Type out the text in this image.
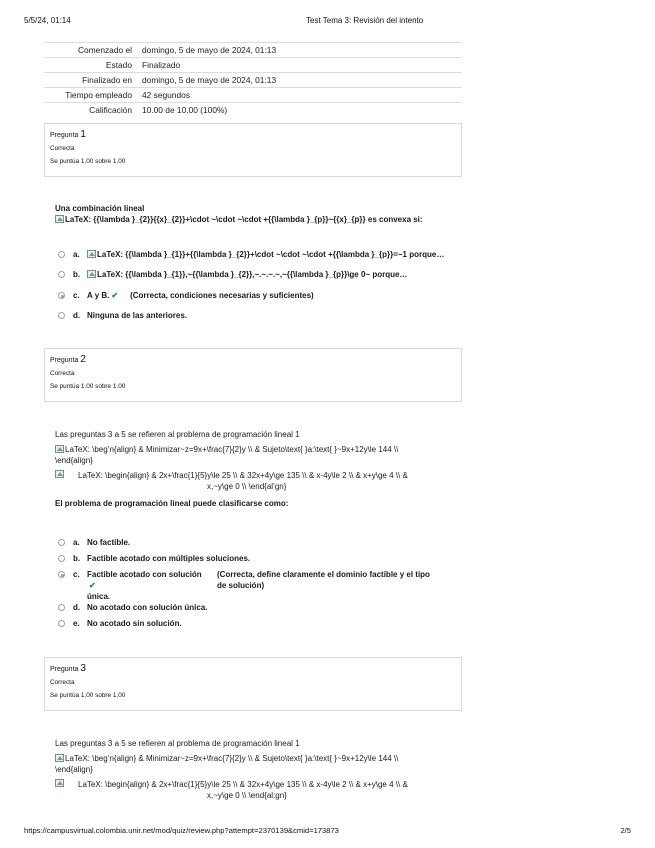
5/5/24, 01:14	Test Tema 3: Revisión del intento
Comenzado el	domingo, 5 de mayo de 2024, 01:13
Estado	Finalizado
Finalizado en	domingo, 5 de mayo de 2024, 01:13
Tiempo empleado	42 segundos
Calificación	10.00 de 10.00 (100%)
Pregunta 1
Correcta
Se puntúa 1.00 sobre 1.00
Una combinación lineal
LaTeX: {{\lambda }_{2}}{{x}_{2}}+\cdot ~\cdot ~\cdot +{{\lambda }_{p}}~{{x}_{p}} es convexa si:
a.	LaTeX: {{\lambda }_{1}}+{{\lambda }_{2}}+\cdot ~\cdot ~\cdot +{{\lambda }_{p}}=~1 porque…
b.	LaTeX: {{\lambda }_{1}},~{{\lambda }_{2}},~.~.~.~,~{{\lambda }_{p}}\ge 0~ porque…
c. A y B. ✔ (Correcta, condiciones necesarias y suficientes)
d. Ninguna de las anteriores.
Pregunta 2
Correcta
Se puntúa 1.00 sobre 1.00
Las preguntas 3 a 5 se refieren al problema de programación lineal 1
LaTeX: \beg’n{align} & Minimizar~z=9x+\frac{7}{2}y \\ & Sujeto\text{ }a:\text{ }~9x+12y\le 144 \\
\end{align}
LaTeX: \begin{align} & 2x+\frac{1}{5}y\le 25 \\ & 32x+4y\ge 135 \\ & x-4y\le 2 \\ & x+y\ge 4 \\ &
x,~y\ge 0 \\ \end{al’gn}
El problema de programación lineal puede clasificarse como:
a. No factible.
b. Factible acotado con múltiples soluciones.
c. Factible acotado con solución ✔
única.
(Correcta, define claramente el dominio factible y el tipo
de solución)
d. No acotado con solución única.
e. No acotado sin solución.
Pregunta 3
Correcta
Se puntúa 1.00 sobre 1.00
Las preguntas 3 a 5 se refieren al problema de programación lineal 1
LaTeX: \beg’n{align} & Minimizar~z=9x+\frac{7}{2}y \\ & Sujeto\text{ }a:\text{ }~9x+12y\le 144 \\
\end{align}
LaTeX: \begin{align} & 2x+\frac{1}{5}y\le 25 \\ & 32x+4y\ge 135 \\ & x-4y\le 2 \\ & x+y\ge 4 \\ &
x,~y\ge 0 \\ \end{al:gn}
https://campusvirtual.colombia.unir.net/mod/quiz/review.php?attempt=2370139&cmid=173873	2/5
